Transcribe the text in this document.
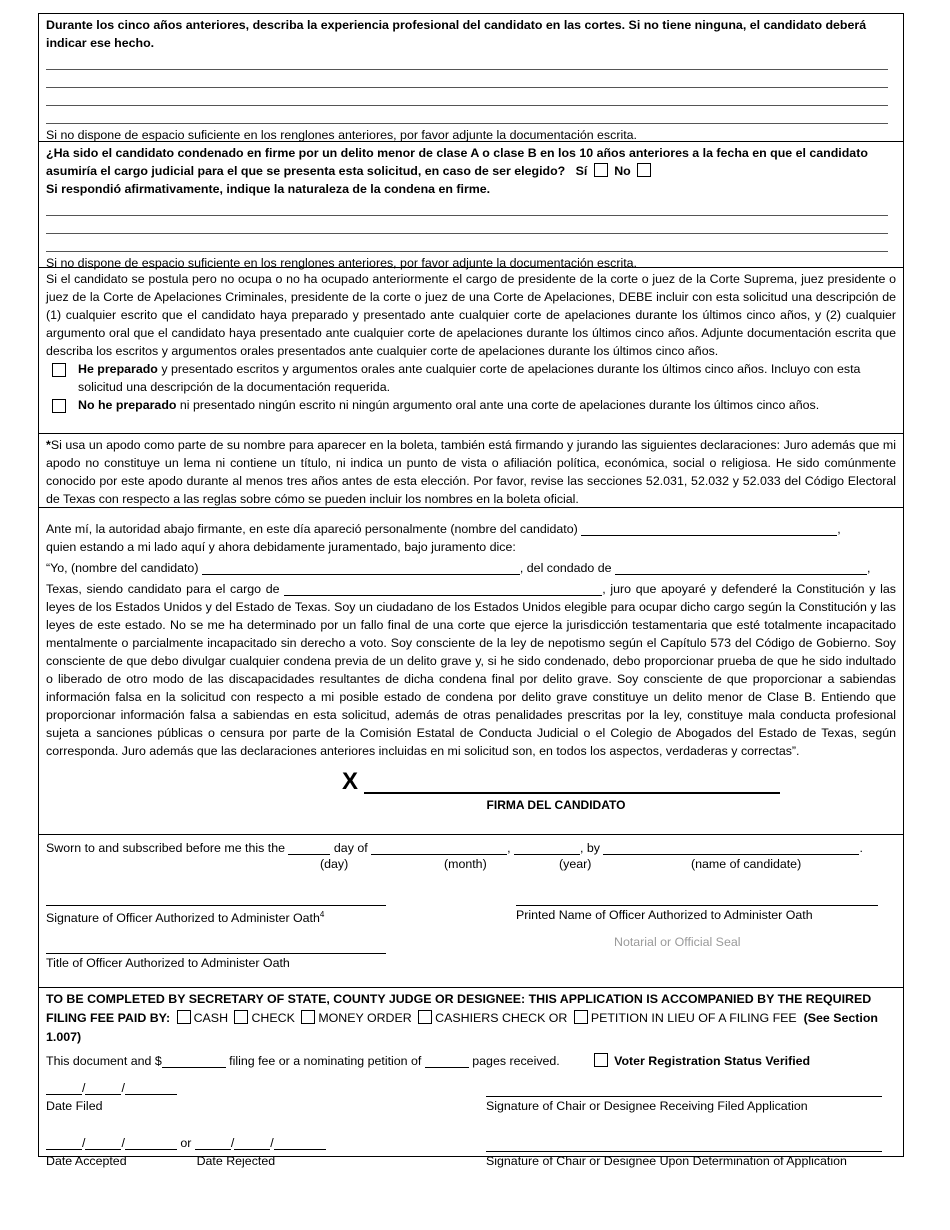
Durante los cinco años anteriores, describa la experiencia profesional del candidato en las cortes. Si no tiene ninguna, el candidato deberá indicar ese hecho.

Si no dispone de espacio suficiente en los renglones anteriores, por favor adjunte la documentación escrita.

¿Ha sido el candidato condenado en firme por un delito menor de clase A o clase B en los 10 años anteriores a la fecha en que el candidato asumiría el cargo judicial para el que se presenta esta solicitud, en caso de ser elegido? Sí No

Si respondió afirmativamente, indique la naturaleza de la condena en firme.

Si no dispone de espacio suficiente en los renglones anteriores, por favor adjunte la documentación escrita.

Si el candidato se postula pero no ocupa o no ha ocupado anteriormente el cargo de presidente de la corte o juez de la Corte Suprema, juez presidente o juez de la Corte de Apelaciones Criminales, presidente de la corte o juez de una Corte de Apelaciones, DEBE incluir con esta solicitud una descripción de (1) cualquier escrito que el candidato haya preparado y presentado ante cualquier corte de apelaciones durante los últimos cinco años, y (2) cualquier argumento oral que el candidato haya presentado ante cualquier corte de apelaciones durante los últimos cinco años. Adjunte documentación escrita que describa los escritos y argumentos orales presentados ante cualquier corte de apelaciones durante los últimos cinco años.

He preparado y presentado escritos y argumentos orales ante cualquier corte de apelaciones durante los últimos cinco años. Incluyo con esta solicitud una descripción de la documentación requerida.

No he preparado ni presentado ningún escrito ni ningún argumento oral ante una corte de apelaciones durante los últimos cinco años.

*Si usa un apodo como parte de su nombre para aparecer en la boleta, también está firmando y jurando las siguientes declaraciones: Juro además que mi apodo no constituye un lema ni contiene un título, ni indica un punto de vista o afiliación política, económica, social o religiosa. He sido comúnmente conocido por este apodo durante al menos tres años antes de esta elección. Por favor, revise las secciones 52.031, 52.032 y 52.033 del Código Electoral de Texas con respecto a las reglas sobre cómo se pueden incluir los nombres en la boleta oficial.

Ante mí, la autoridad abajo firmante, en este día apareció personalmente (nombre del candidato)	,

quien estando a mi lado aquí y ahora debidamente juramentado, bajo juramento dice:

“Yo, (nombre del candidato)	, del condado de	,

Texas, siendo candidato para el cargo de	, juro que apoyaré y defenderé la Constitución y las leyes de los Estados Unidos y del Estado de Texas. Soy un ciudadano de los Estados Unidos elegible para ocupar dicho cargo según la Constitución y las leyes de este estado. No se me ha determinado por un fallo final de una corte que ejerce la jurisdicción testamentaria que esté totalmente incapacitado mentalmente o parcialmente incapacitado sin derecho a voto. Soy consciente de la ley de nepotismo según el Capítulo 573 del Código de Gobierno. Soy consciente de que debo divulgar cualquier condena previa de un delito grave y, si he sido condenado, debo proporcionar prueba de que he sido indultado o liberado de otro modo de las discapacidades resultantes de dicha condena final por delito grave. Soy consciente de que proporcionar a sabiendas información falsa en la solicitud con respecto a mi posible estado de condena por delito grave constituye un delito menor de Clase B. Entiendo que proporcionar información falsa a sabiendas en esta solicitud, además de otras penalidades prescritas por la ley, constituye mala conducta profesional sujeta a sanciones públicas o censura por parte de la Comisión Estatal de Conducta Judicial o el Colegio de Abogados del Estado de Texas, según corresponda. Juro además que las declaraciones anteriores incluidas en mi solicitud son, en todos los aspectos, verdaderas y correctas”.

X
FIRMA DEL CANDIDATO

Sworn to and subscribed before me this the	day of	,	, by	.

(day)	(month)	(year)	(name of candidate)

Signature of Officer Authorized to Administer Oath$^4$	Printed Name of Officer Authorized to Administer Oath

Title of Officer Authorized to Administer Oath

Notarial or Official Seal

TO BE COMPLETED BY SECRETARY OF STATE, COUNTY JUDGE OR DESIGNEE: THIS APPLICATION IS ACCOMPANIED BY THE REQUIRED FILING FEE PAID BY: CASH CHECK MONEY ORDER CASHIERS CHECK OR PETITION IN LIEU OF A FILING FEE (See Section 1.007)

This document and $	filing fee or a nominating petition of	pages received.	Voter Registration Status Verified

/	/

Date Filed	Signature of Chair or Designee Receiving Filed Application

/	/	or	/	/

Date Accepted	Date Rejected	Signature of Chair or Designee Upon Determination of Application
